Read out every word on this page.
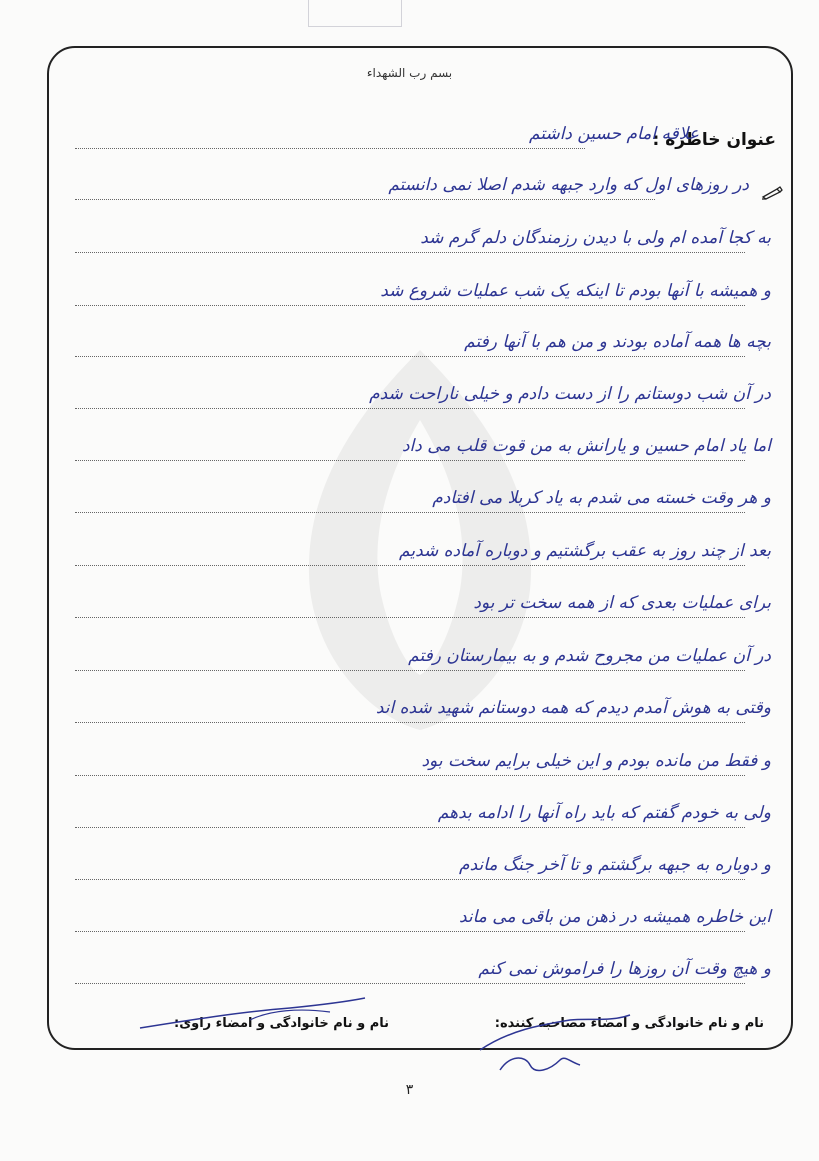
بسم رب الشهداء
عنوان خاطره :
علاقه امام حسین داشتم
در روزهای اول که وارد جبهه شدم اصلا نمی دانستم
به کجا آمده ام ولی با دیدن رزمندگان دلم گرم شد
و همیشه با آنها بودم تا اینکه یک شب عملیات شروع شد
بچه ها همه آماده بودند و من هم با آنها رفتم
در آن شب دوستانم را از دست دادم و خیلی ناراحت شدم
اما یاد امام حسین و یارانش به من قوت قلب می داد
و هر وقت خسته می شدم به یاد کربلا می افتادم
بعد از چند روز به عقب برگشتیم و دوباره آماده شدیم
برای عملیات بعدی که از همه سخت تر بود
در آن عملیات من مجروح شدم و به بیمارستان رفتم
وقتی به هوش آمدم دیدم که همه دوستانم شهید شده اند
و فقط من مانده بودم و این خیلی برایم سخت بود
ولی به خودم گفتم که باید راه آنها را ادامه بدهم
و دوباره به جبهه برگشتم و تا آخر جنگ ماندم
این خاطره همیشه در ذهن من باقی می ماند
و هیچ وقت آن روزها را فراموش نمی کنم
نام و نام خانوادگی و امضاء مصاحبه کننده:
نام و نام خانوادگی و امضاء راوی:
۳
